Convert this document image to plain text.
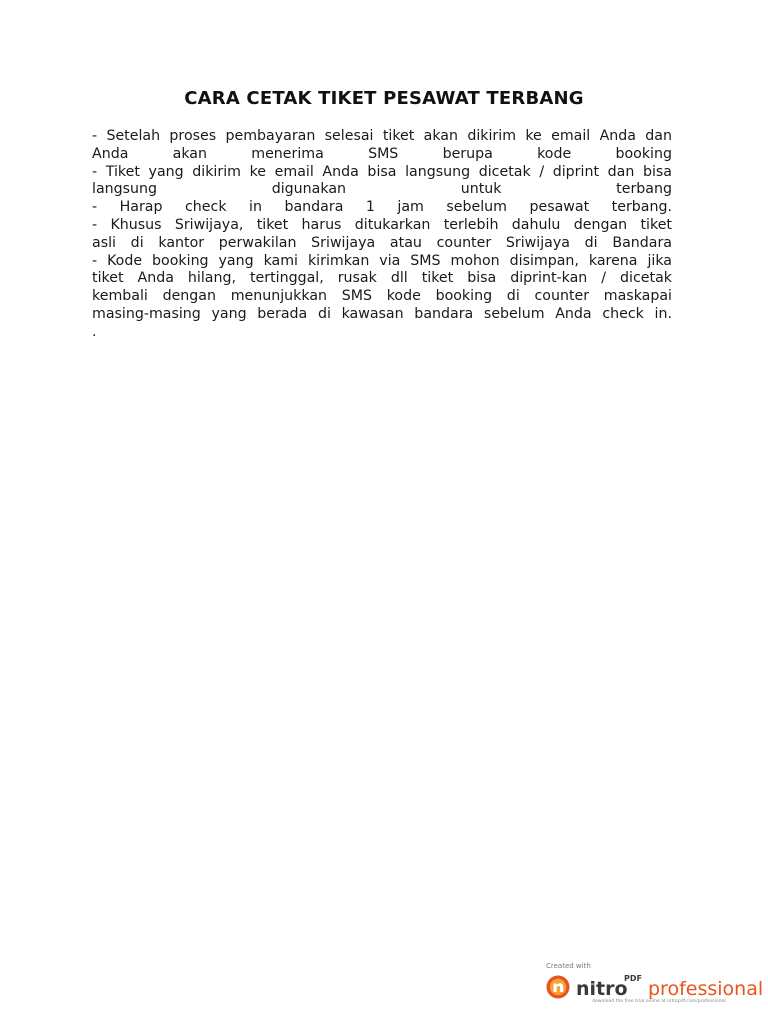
CARA CETAK TIKET PESAWAT TERBANG
- Setelah proses pembayaran selesai tiket akan dikirim ke email Anda dan
Anda akan menerima SMS berupa kode booking
- Tiket yang dikirim ke email Anda bisa langsung dicetak / diprint dan bisa
langsung digunakan untuk terbang
- Harap check in bandara 1 jam sebelum pesawat terbang.
- Khusus Sriwijaya, tiket harus ditukarkan terlebih dahulu dengan tiket
asli di kantor perwakilan Sriwijaya atau counter Sriwijaya di Bandara
- Kode booking yang kami kirimkan via SMS mohon disimpan, karena jika
tiket Anda hilang, tertinggal, rusak dll tiket bisa diprint-kan / dicetak
kembali dengan menunjukkan SMS kode booking di counter maskapai
masing-masing yang berada di kawasan bandara sebelum Anda check in.
.
Created with
nitro
PDF professional
download the free trial online at nitropdf.com/professional
